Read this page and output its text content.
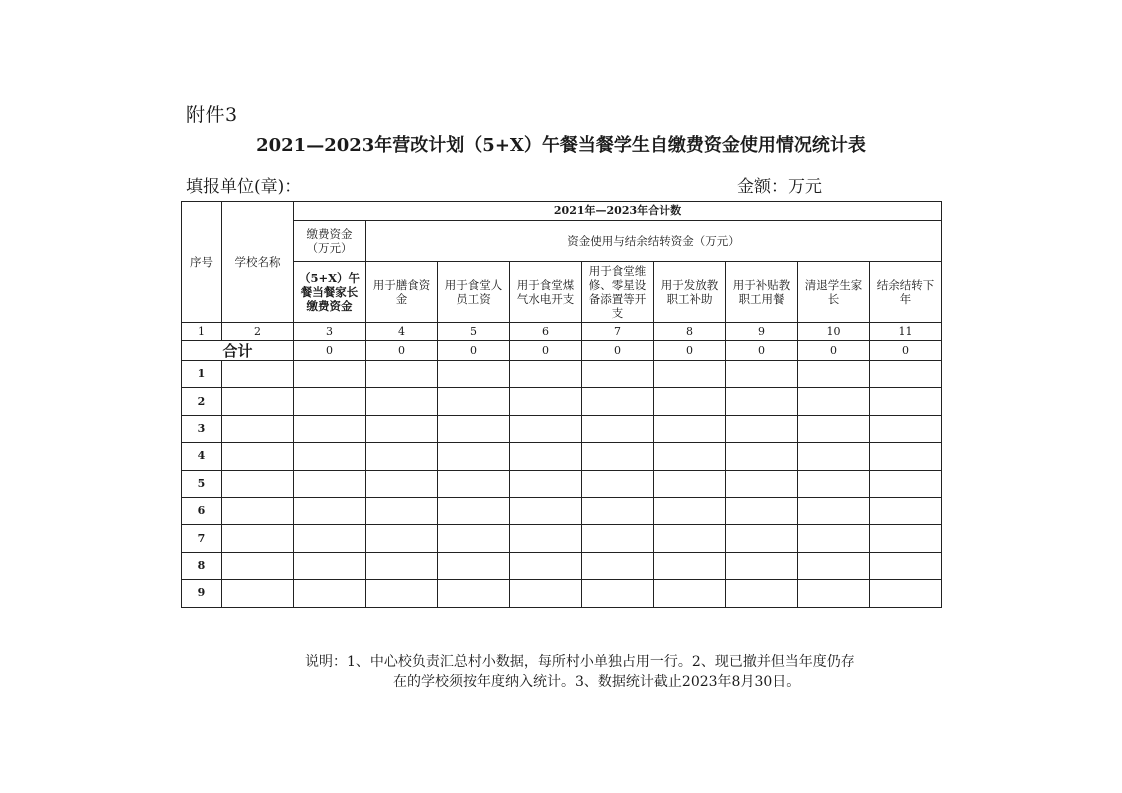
附件3
2021—2023年营改计划（5+X）午餐当餐学生自缴费资金使用情况统计表
填报单位(章)：	金额：万元
序号	学校名称	2021年—2023年合计数								
		缴费资金（万元）	资金使用与结余结转资金（万元）							
		（5+X）午餐当餐家长缴费资金	用于膳食资金	用于食堂人员工资	用于食堂煤气水电开支	用于食堂维修、零星设备添置等开支	用于发放教职工补助	用于补贴教职工用餐	清退学生家长	结余结转下年
1	2	3	4	5	6	7	8	9	10	11
合计		0	0	0	0	0	0	0	0	0
1										
2										
3										
4										
5										
6										
7										
8										
9										
说明：1、中心校负责汇总村小数据，每所村小单独占用一行。2、现已撤并但当年度仍存
在的学校须按年度纳入统计。3、数据统计截止2023年8月30日。
